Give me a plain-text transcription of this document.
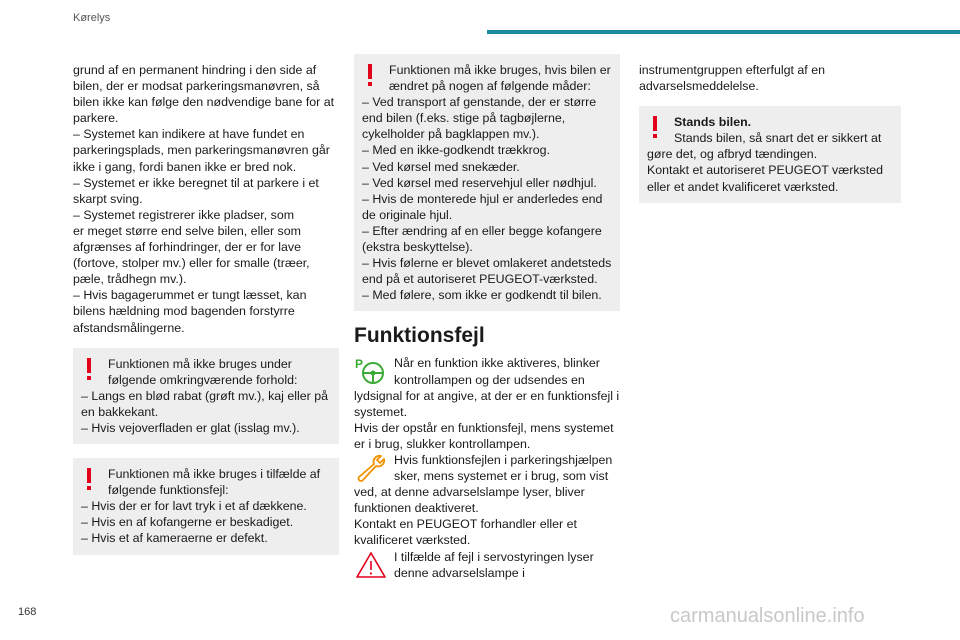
Kørelys

grund af en permanent hindring i den side af

bilen, der er modsat parkeringsmanøvren, så

bilen ikke kan følge den nødvendige bane for at

parkere.

– Systemet kan indikere at have fundet en

parkeringsplads, men parkeringsmanøvren går

ikke i gang, fordi banen ikke er bred nok.

– Systemet er ikke beregnet til at parkere i et

skarpt sving.

– Systemet registrerer ikke pladser, som

er meget større end selve bilen, eller som

afgrænses af forhindringer, der er for lave

(fortove, stolper mv.) eller for smalle (træer,

pæle, trådhegn mv.).

– Hvis bagagerummet er tungt læsset, kan

bilens hældning mod bagenden forstyrre

afstandsmålingerne.

Funktionen må ikke bruges under

følgende omkringværende forhold:

– Langs en blød rabat (grøft mv.), kaj eller på

en bakkekant.

– Hvis vejoverfladen er glat (isslag mv.).

Funktionen må ikke bruges i tilfælde af

følgende funktionsfejl:

– Hvis der er for lavt tryk i et af dækkene.

– Hvis en af kofangerne er beskadiget.

– Hvis et af kameraerne er defekt.

Funktionen må ikke bruges, hvis bilen er

ændret på nogen af følgende måder:

– Ved transport af genstande, der er større

end bilen (f.eks. stige på tagbøjlerne,

cykelholder på bagklappen mv.).

– Med en ikke-godkendt trækkrog.

– Ved kørsel med snekæder.

– Ved kørsel med reservehjul eller nødhjul.

– Hvis de monterede hjul er anderledes end

de originale hjul.

– Efter ændring af en eller begge kofangere

(ekstra beskyttelse).

– Hvis følerne er blevet omlakeret andetsteds

end på et autoriseret PEUGEOT-værksted.

– Med følere, som ikke er godkendt til bilen.

Funktionsfejl
P	Når en funktion ikke aktiveres, blinker

kontrollampen og der udsendes en

lydsignal for at angive, at der er en funktionsfejl i

systemet.

Hvis der opstår en funktionsfejl, mens systemet

er i brug, slukker kontrollampen.

Hvis funktionsfejlen i parkeringshjælpen

sker, mens systemet er i brug, som vist

ved, at denne advarselslampe lyser, bliver

funktionen deaktiveret.

Kontakt en PEUGEOT forhandler eller et

kvalificeret værksted.

I tilfælde af fejl i servostyringen lyser

denne advarselslampe i

instrumentgruppen efterfulgt af en

advarselsmeddelelse.

Stands bilen.

Stands bilen, så snart det er sikkert at

gøre det, og afbryd tændingen.

Kontakt et autoriseret PEUGEOT værksted

eller et andet kvalificeret værksted.

168	carmanualsonline.info
